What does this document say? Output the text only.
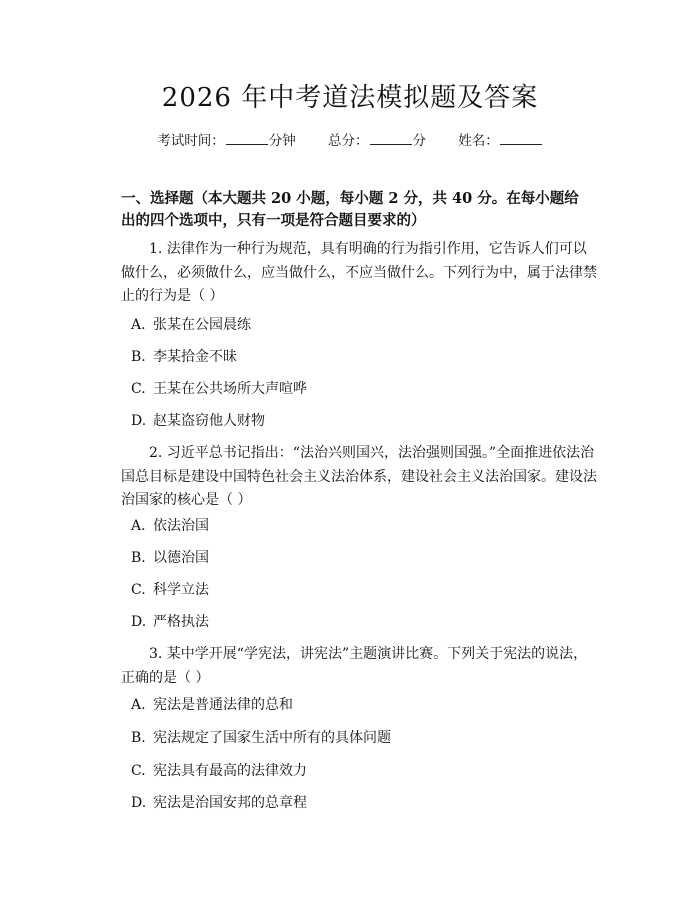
2026 年中考道法模拟题及答案
考试时间：	分钟 总分：	分 姓名：
一、选择题（本大题共 20 小题，每小题 2 分，共 40 分。在每小题给出的四个选项中，只有一项是符合题目要求的）
1. 法律作为一种行为规范，具有明确的行为指引作用，它告诉人们可以做什么，必须做什么，应当做什么，不应当做什么。下列行为中，属于法律禁止的行为是（ ）
A. 张某在公园晨练
B. 李某拾金不昧
C. 王某在公共场所大声喧哗
D. 赵某盗窃他人财物
2. 习近平总书记指出：“法治兴则国兴，法治强则国强。”全面推进依法治国总目标是建设中国特色社会主义法治体系，建设社会主义法治国家。建设法治国家的核心是（ ）
A. 依法治国
B. 以德治国
C. 科学立法
D. 严格执法
3. 某中学开展“学宪法，讲宪法”主题演讲比赛。下列关于宪法的说法，正确的是（ ）
A. 宪法是普通法律的总和
B. 宪法规定了国家生活中所有的具体问题
C. 宪法具有最高的法律效力
D. 宪法是治国安邦的总章程
